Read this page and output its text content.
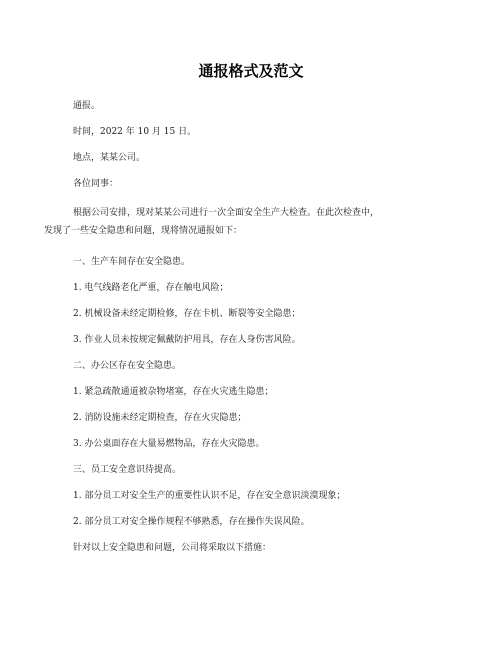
通报格式及范文
通报。
时间，2022 年 10 月 15 日。
地点，某某公司。
各位同事：
根据公司安排，现对某某公司进行一次全面安全生产大检查。在此次检查中，
发现了一些安全隐患和问题，现将情况通报如下：
一、生产车间存在安全隐患。
1. 电气线路老化严重，存在触电风险；
2. 机械设备未经定期检修，存在卡机、断裂等安全隐患；
3. 作业人员未按规定佩戴防护用具，存在人身伤害风险。
二、办公区存在安全隐患。
1. 紧急疏散通道被杂物堵塞，存在火灾逃生隐患；
2. 消防设施未经定期检查，存在火灾隐患；
3. 办公桌面存在大量易燃物品，存在火灾隐患。
三、员工安全意识待提高。
1. 部分员工对安全生产的重要性认识不足，存在安全意识淡漠现象；
2. 部分员工对安全操作规程不够熟悉，存在操作失误风险。
针对以上安全隐患和问题，公司将采取以下措施：
